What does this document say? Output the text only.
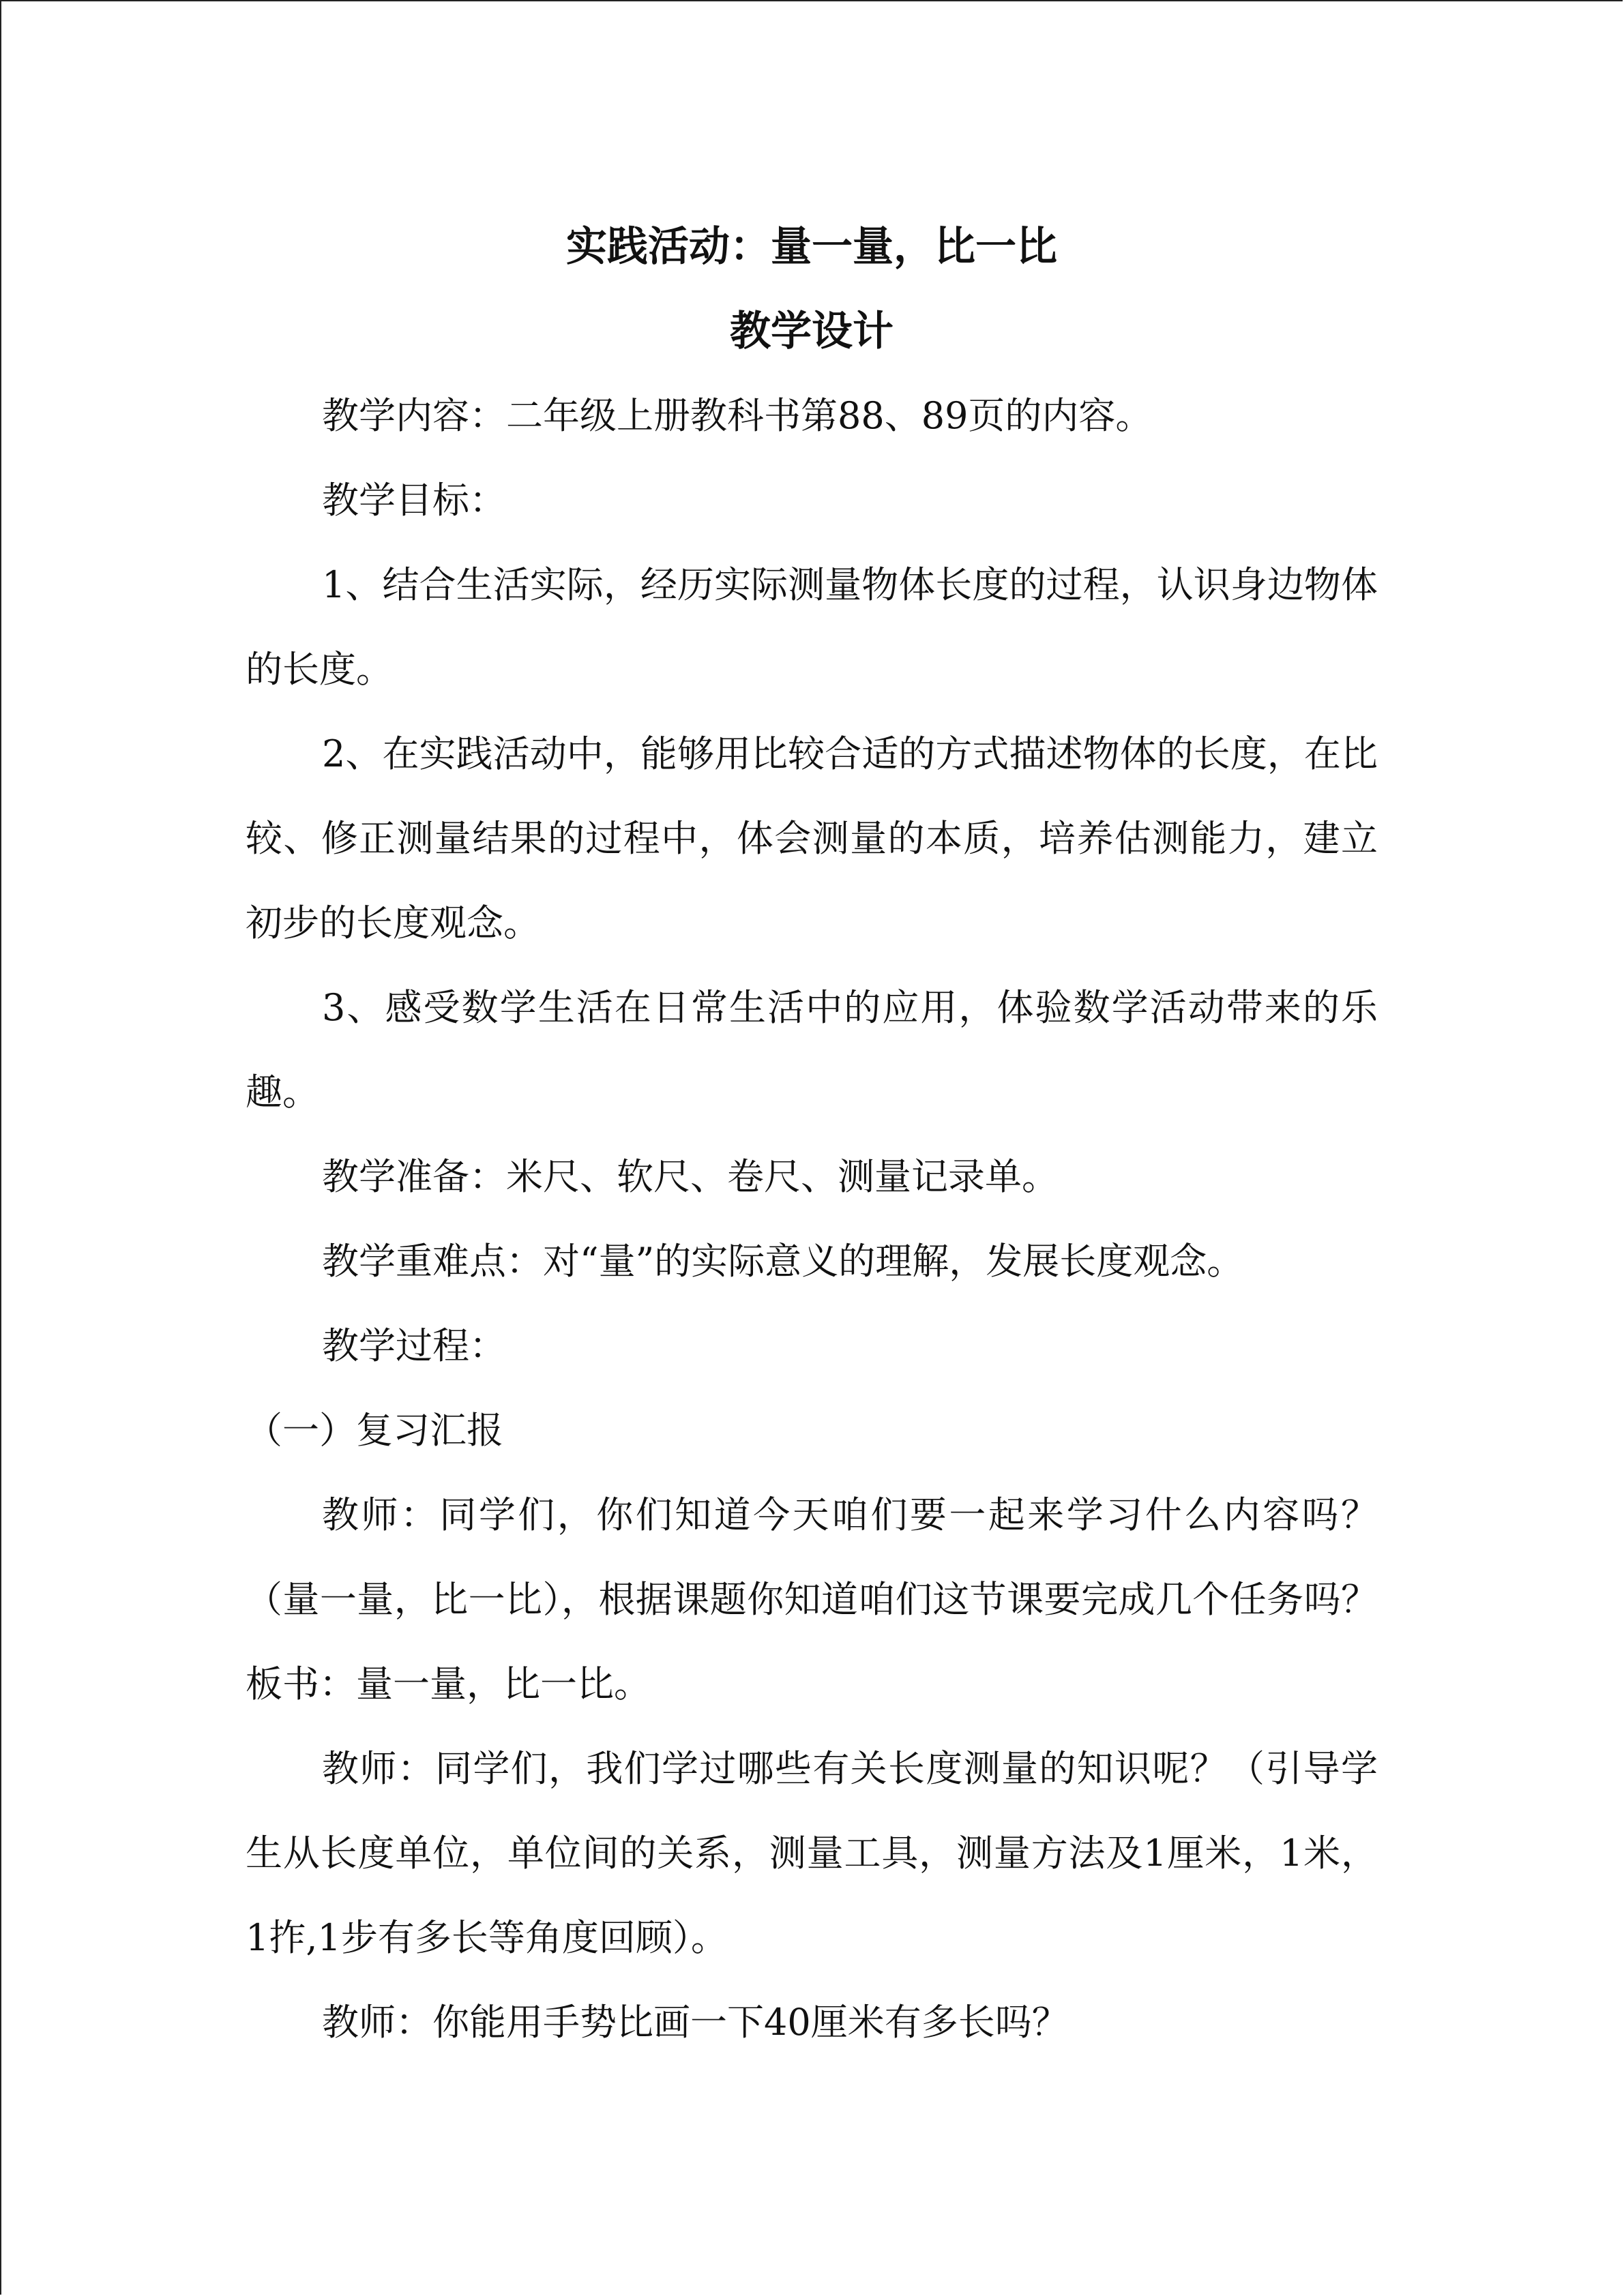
实践活动：量一量，比一比
教学设计

教学内容：二年级上册教科书第88、89页的内容。

教学目标：

1、结合生活实际，经历实际测量物体长度的过程，认识身边物体的长度。

2、在实践活动中，能够用比较合适的方式描述物体的长度，在比较、修正测量结果的过程中，体会测量的本质，培养估测能力，建立初步的长度观念。

3、感受数学生活在日常生活中的应用，体验数学活动带来的乐趣。

教学准备：米尺、软尺、卷尺、测量记录单。

教学重难点：对“量”的实际意义的理解，发展长度观念。

教学过程：

（一）复习汇报

教师：同学们，你们知道今天咱们要一起来学习什么内容吗？（量一量，比一比），根据课题你知道咱们这节课要完成几个任务吗？板书：量一量，比一比。

教师：同学们，我们学过哪些有关长度测量的知识呢？（引导学生从长度单位，单位间的关系，测量工具，测量方法及1厘米，1米，1拃,1步有多长等角度回顾）。

教师：你能用手势比画一下40厘米有多长吗？
